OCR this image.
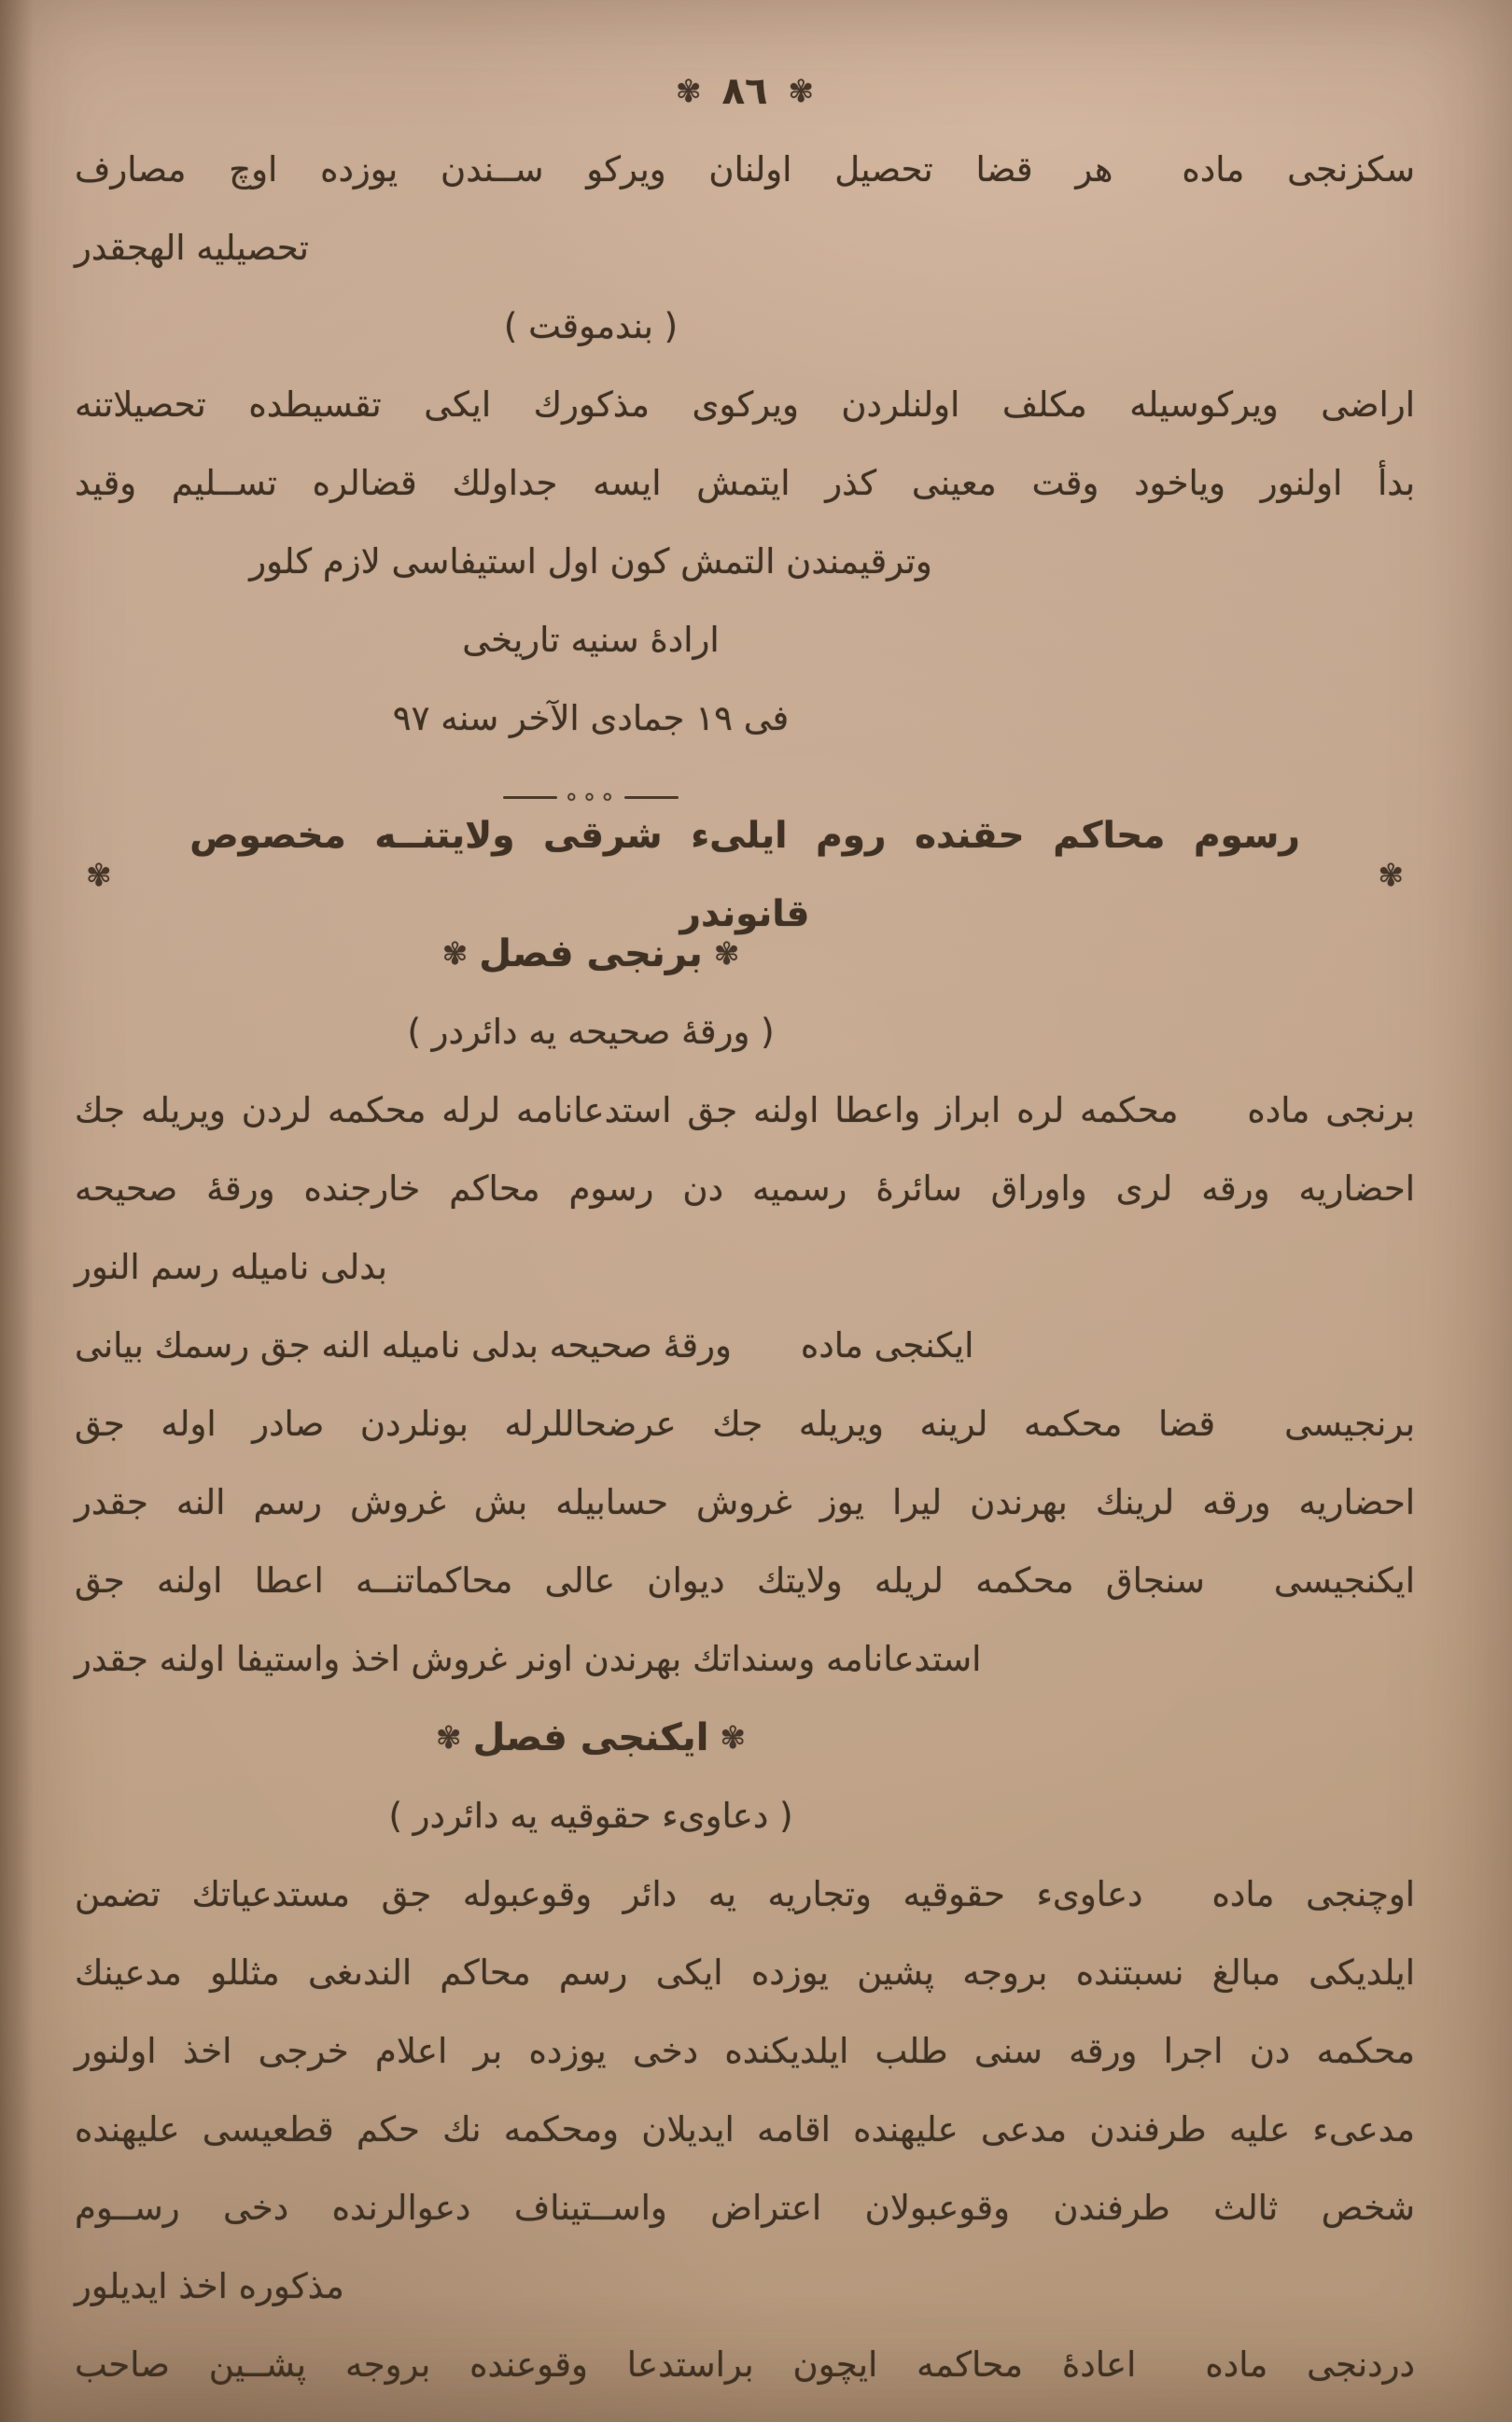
✾٨٦✾
سكزنجى ماده  هر قضا تحصيل اولنان ويركو ســندن يوزده اوچ مصارف
تحصيليه الهجقدر
( بندموقت )
اراضى ويركوسيله مكلف اولنلردن ويركوى مذكورك ايكى تقسيطده تحصيلاتنه
بدأ اولنور وياخود وقت معينى كذر ايتمش ايسه جداولك قضالره تســليم وقيد
وترقيمندن التمش كون اول استيفاسى لازم كلور
ارادهٔ سنيه تاريخى
فى ١٩ جمادى الآخر سنه ٩٧
∘∘∘
✾
رسوم محاكم حقنده روم ايلىء شرقى ولايتنــه مخصوص قانوندر
✾
✾برنجى فصل✾
( ورقهٔ صحيحه يه دائردر )
برنجى ماده  محكمه لره ابراز واعطا اولنه جق استدعانامه لرله محكمه لردن ويريله جك
احضاريه ورقه لرى واوراق سائرهٔ رسميه دن رسوم محاكم خارجنده ورقهٔ صحيحه
بدلى ناميله رسم النور
ايكنجى ماده  ورقهٔ صحيحه بدلى ناميله النه جق رسمك بيانى
برنجيسى  قضا محكمه لرينه ويريله جك عرضحاللرله بونلردن صادر اوله جق
احضاريه ورقه لرينك بهرندن ليرا يوز غروش حسابيله بش غروش رسم النه جقدر
ايكنجيسى  سنجاق محكمه لريله ولايتك ديوان عالى محاكماتنــه اعطا اولنه جق
استدعانامه وسنداتك بهرندن اونر غروش اخذ واستيفا اولنه جقدر
✾ايكنجى فصل✾
( دعاوىء حقوقيه يه دائردر )
اوچنجى ماده  دعاوىء حقوقيه وتجاريه يه دائر وقوعبوله جق مستدعياتك تضمن
ايلديكى مبالغ نسبتنده بروجه پشين يوزده ايكى رسم محاكم الندىغى مثللو مدعينك
محكمه دن اجرا ورقه سنى طلب ايلديكنده دخى يوزده بر اعلام خرجى اخذ اولنور
مدعىء عليه طرفندن مدعى عليهنده اقامه ايديلان ومحكمه نك حكم قطعيسى عليهنده
شخص ثالث طرفندن وقوعبولان اعتراض واســتيناف دعوالرنده دخى رســوم
مذكوره اخذ ايديلور
دردنجى ماده  اعادهٔ محاكمه ايچون براستدعا وقوعنده بروجه پشــين صاحب
